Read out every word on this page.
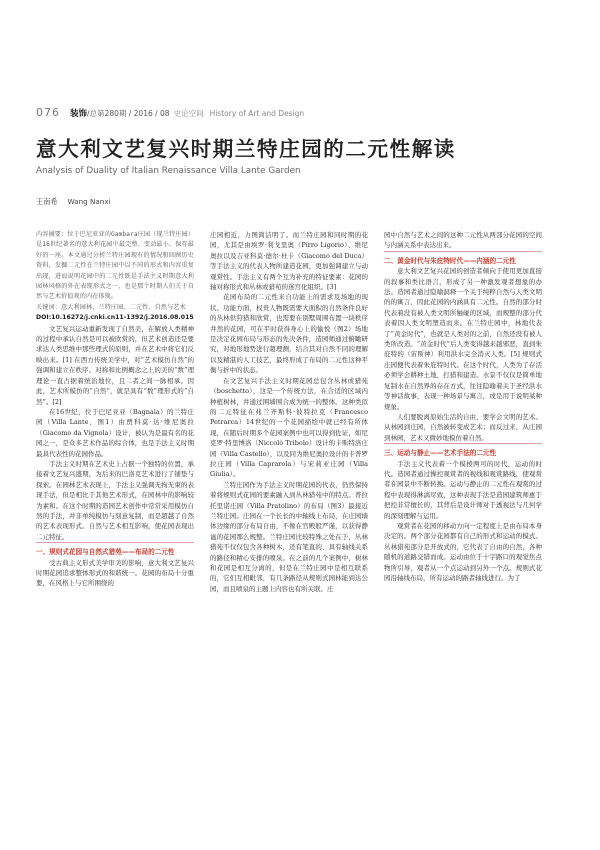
076 装饰/总第280期 / 2016 / 08 史论空间 History of Art and Design
意大利文艺复兴时期兰特庄园的二元性解读
Analysis of Duality of Italian Renaissance Villa Lante Garden
王南希 Wang Nanxi

内容摘要：位于巴尼亚亚的Gambara庄园（现兰特庄园）是16世纪著名的意大利花园中最完整、变动最小、保存最好的一座。本文通过分析兰特庄园现有的情况和回顾历史资料，发掘二元性在兰特庄园中以不同的形式和内容重复出现，进而说明花园中的二元性既是手法主义时期意大利园林风格的外在表现形式之一，也是那个时期人们关于自然与艺术价值观的内在体现。

关键词：意大利园林、兰特庄园、二元性、自然与艺术

DOI:10.16272/j.cnki.cn11-1392/j.2016.08.015

文艺复兴运动重新发现了自然美，在解放人类精神的过程中承认自然是可以被欣赏的，但艺术创造还是要求达人类思维中那些理式的原则，并在艺术中将它们反映出来。[1] 在西方传统美学中，对“艺术模仿自然”的强调和建立在秩序、对称和比例概念之上的美的“数”理理论一直占据着统治地位，且二者之间一脉相承。因此，艺术所模仿的“自然”，就是具有“数”理形式的“自然”。[2]

在16世纪，位于巴尼亚亚（Bagnaia）的兰特庄园（Villa Lante，图1）由贾科莫·达·维尼奥拉（Giacomo da Vignola）设计，被认为是最有名的花园之一，是众多艺术作品的综合体，也是手法主义时期最具代表性的花园作品。

手法主义时期在艺术史上占据一个独特的位置，承接着文艺复兴盛期，为后来的巴洛克艺术进行了铺垫与探索。在园林艺术表现上，手法主义强调无拘无束的表现手法，但是相比于其他艺术形式，在园林中的影响较为素和。在这个时期的造园艺术创作中常常采用模仿自然的手法，并非单纯模仿与刻意复制，而是超越了自然的艺术表现形式。自然与艺术相互影响，使花园表现出二元特征。

一、规则式花园与自然式猎苑——布局的二元性

受古典主义形式美学审美的影响，意大利文艺复兴时期花园追求整体形式的和谐统一。花园的布局十分重要，在风格上与它所围绕的

庄园相近，力图简洁明了。而兰特庄园和同时期的花园，尤其是由埃罗·利戈里奥（Pirro Ligorio）、维尼奥拉以及吉亚科莫·德尔·杜卡（Giacomo del Duca）等手法主义的代表人物所建造花园，更加强调建立与动观赏性。手法主义有两个互为补充的特征要素：花园的轴对称形式和丛林或猎苑的迷宫化组织。[3]

花园布局的二元性来自功能上的需求及场地的现状。功能方面，权贵人物既需要大面积的自然条件良好的丛林供狩猎和欣赏，也需要在别墅周围布置一块秩序井然的花园，可在平时获得身心上的愉悦（图2）场地是决定花园布局与形态的先决条件，造园师通过俯瞰研究，对地形地势进行超理测，结合其对自然不同的理解以及精湛的人工技艺，最终形成了布局的二元性这种平衡与折中的状态。

在文艺复兴手法主义时期花园总包含丛林或猎苑（boschetto），这是一个传统方法，在合适的区域内种植树林，并通过围墙围合成为统一的整体。这种类似的二元特征在弗兰齐斯科·彼特拉克（Francesco Petrarca）14世纪的一个花园描绘中就已经有所体现，在随后时期多个花园案例中也可以得到佐证，如尼克罗·特里博洛（Niccolò Tribolo）设计的卡斯特洛庄园（Villa Castello），以及同为维尼奥拉设计的卡普罗拉庄园（Villa Caprarola）与宋莉亚庄园（Villa Giulia）。

兰特庄园作为手法主义时期花园的代表，仍然保持着将规则式花园的要素融入到丛林猎苑中的特点。普拉托里诺庄园（Villa Pratolino）的布局（图3）最接近兰特庄园。庄园在一个长长的中轴线上布局，在庄园墙体边缘的部分布局自由，不像在官殿般严谨，以获得静谧的花园那么规整。兰特庄园比较特殊之处在于，丛林猎苑不仅仅包含各种树木，还有笔直的、具有轴线关系的路径和精心安排的喷泉。在之前的几个案例中，树林和花园是相互分离的，但是在兰特庄园中是相互联系的，它们互相毗邻，有几条路径从规则式园林能到达公园，而且喷泉的主题上内容也有所关联。庄

园中自然与艺术之间的这种二元性从两部分花园的空间与内涵关系中表达出来。

二、黄金时代与朱庇特时代——内涵的二元性

意大利文艺复兴花园的创造者倾向于使用更加直接的叙事和类比语言，形成了另一种激发观者想象的办法。造园者通过隐喻洞释一个关于纯粹自然与人类文明的的寓言，因此花园的内涵具有二元性。自然的部分时代表着没有被人类文明所触碰的区域，而规整的部分代表着因人类文明塑造而来。在兰特庄园中，林地代表了“黄金时代”，也就是人类对的之前，自然还没有被人类所改造。“黄金时代”后人类变得越来越邪恶，直到朱庇特的（宙斯神）利用洪水完全消灭人类。[5] 规则式庄园便代表着朱庇特时代。在这个时代，人类为了存活必须学会耕种土地，打猎和建造。水景不仅仅是简单地复制水在自然界的存在方式，往往隐喻着关于圣经洪水等神话故事，表现一种场景与寓言，或是用于说明某种规象。

人们要脱离原始生活的自由，要学会文明的艺术。从林园到庄园，自然被转变成艺术；而反过来，从庄园到林园，艺术又微妙地模仿着自然。

三、运动与静止——艺术手法的二元性

手法主义代表着一个模棱两可的时代，运动的时代。造园者通过操控观赏者的视线和观赏路线，使观赏者在园景中不断转换。运动与静止的二元性在观赏的过程中表现得淋漓尽致，这种表现手法是造园建筑师惠于把控非常擅长的，其背后是设计师对于透视法与几何学的深刻理解与运用。

观赏者在花园的移动方向一定程度上是由布局本身决定的。两个部分花园都有自己的形式和运动的模式。丛林猎苑部分是开放式的，它代表了自由的自然，各种随机的道路交错而成。运动由位于十字路口的观觉焦点物所引导，观者从一个点运动到另外一个点。规则式花园沿轴线布局，所有运动的路者轴线进行。为了
